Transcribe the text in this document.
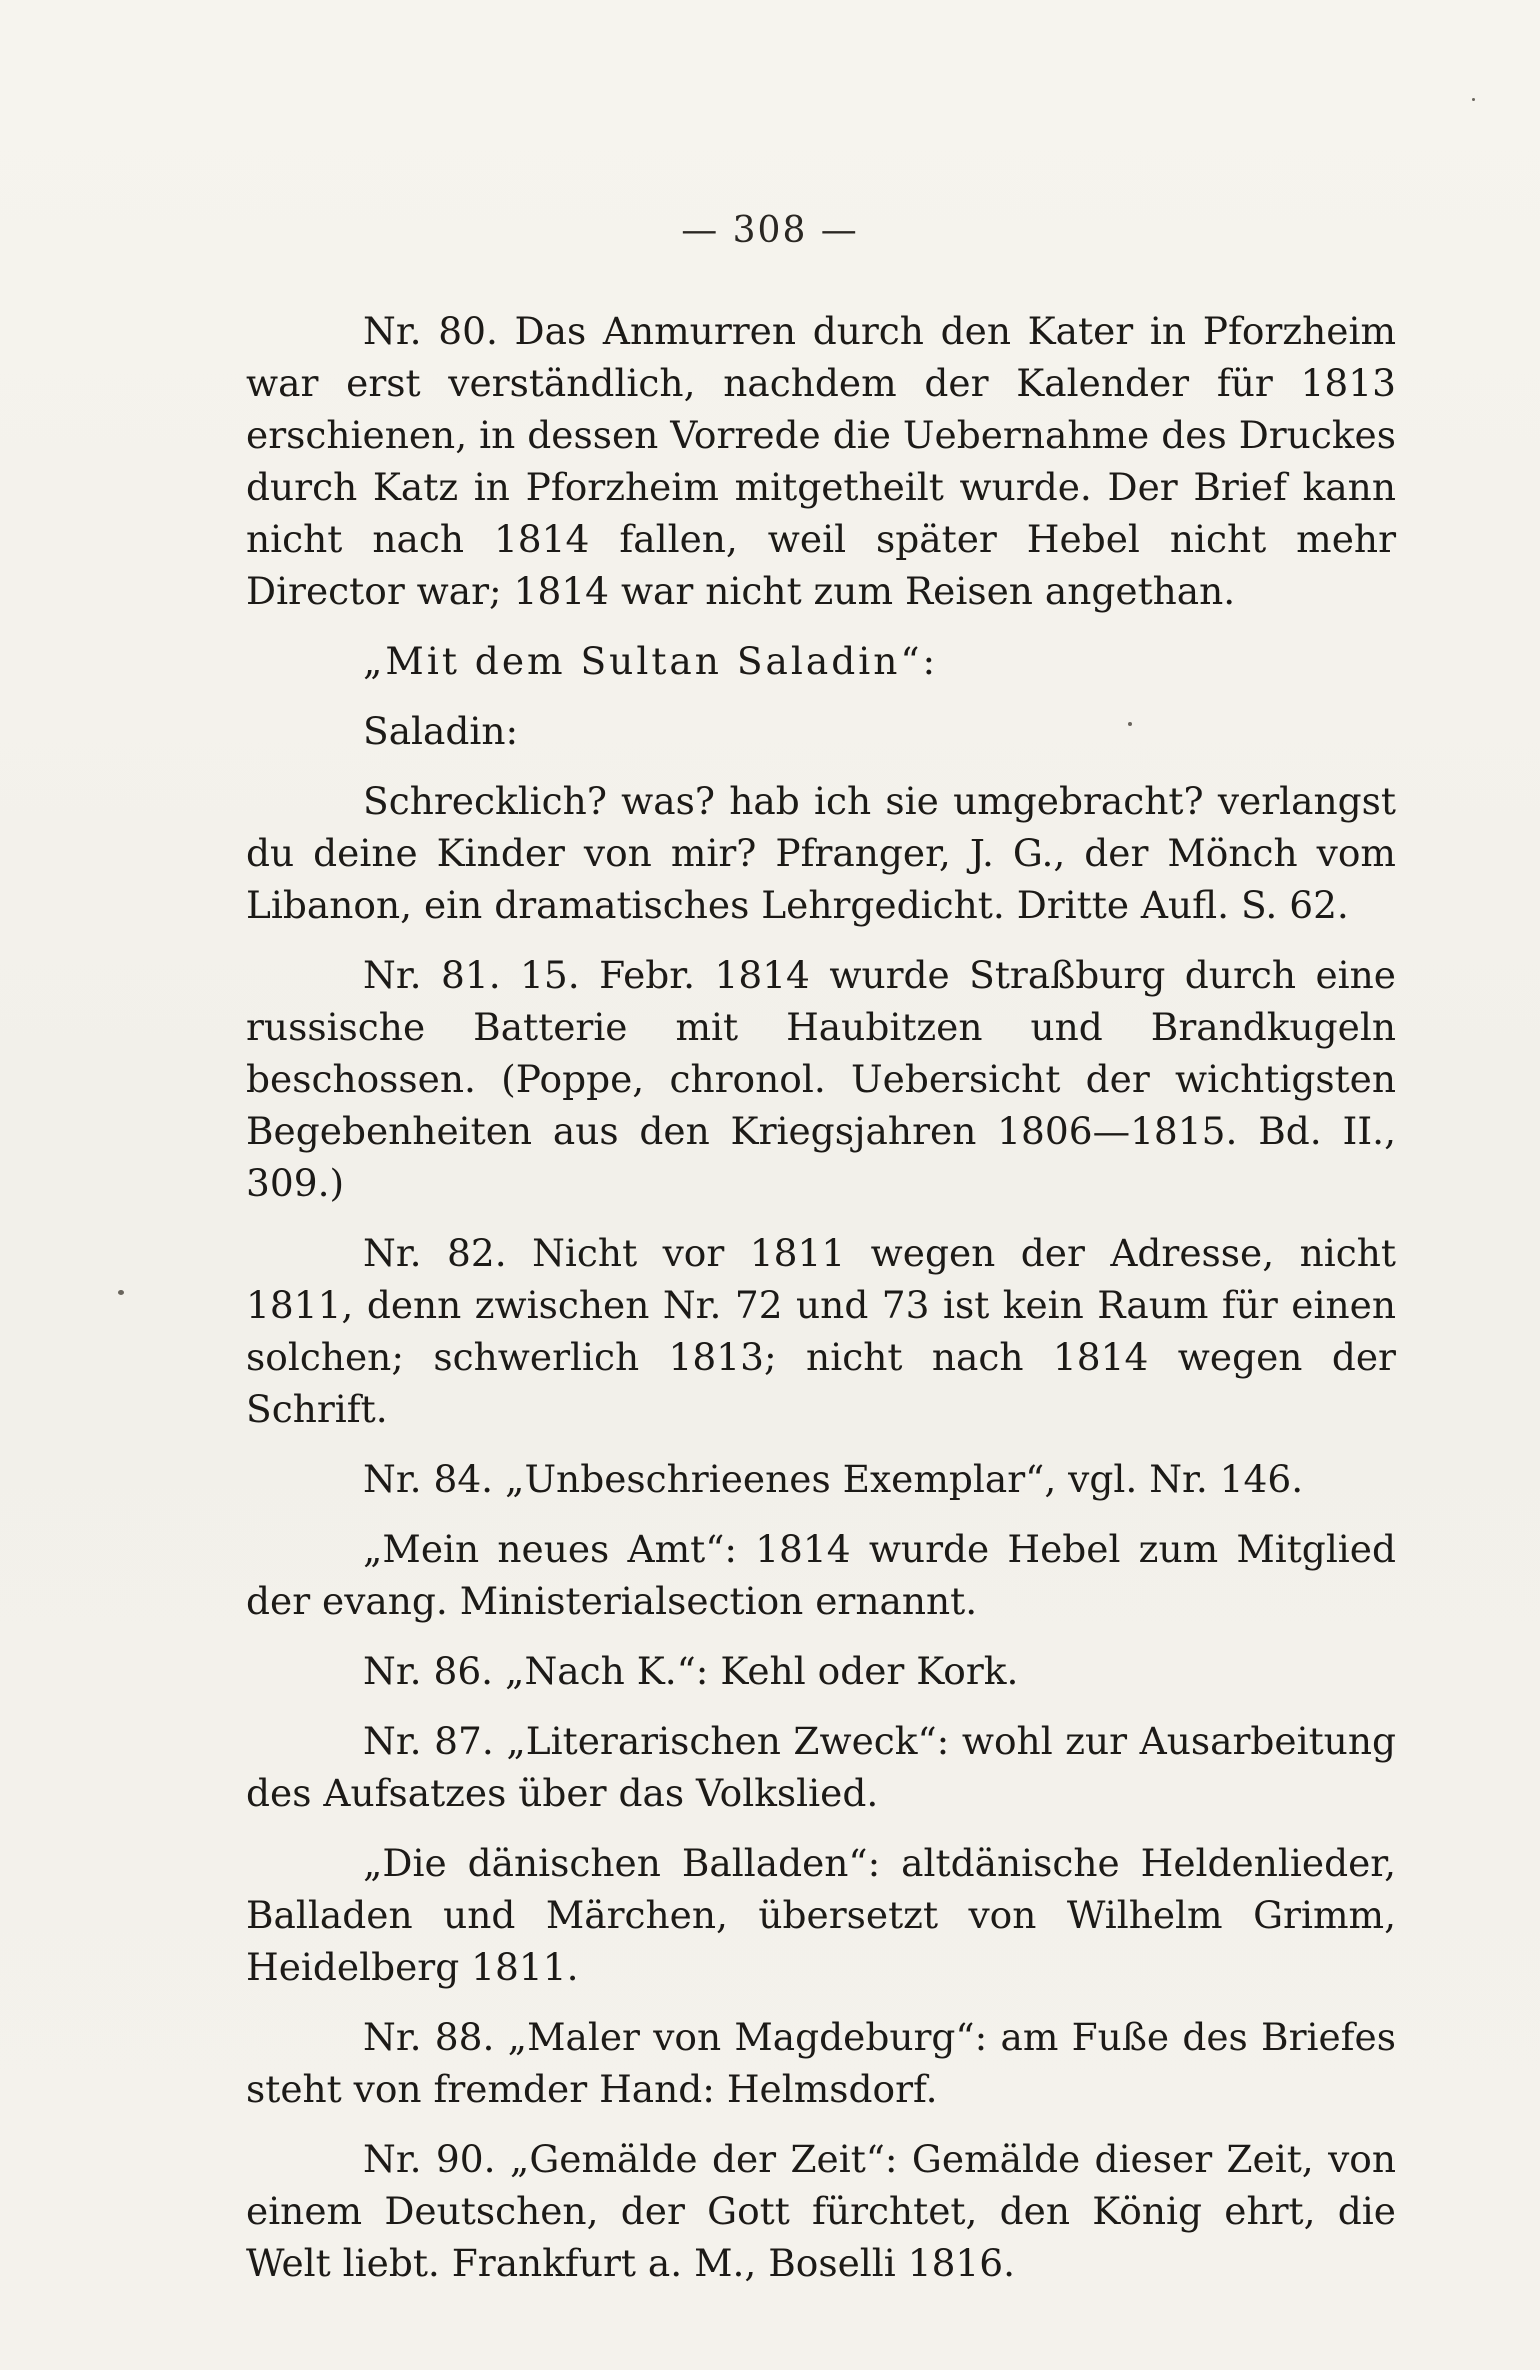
— 308 —

Nr. 80. Das Anmurren durch den Kater in Pforzheim war erst verständlich, nachdem der Kalender für 1813 erschienen, in dessen Vorrede die Uebernahme des Druckes durch Katz in Pforzheim mitgetheilt wurde. Der Brief kann nicht nach 1814 fallen, weil später Hebel nicht mehr Director war; 1814 war nicht zum Reisen angethan.

„Mit dem Sultan Saladin“:

Saladin:

Schrecklich? was? hab ich sie umgebracht? verlangst du deine Kinder von mir? Pfranger, J. G., der Mönch vom Libanon, ein dramatisches Lehrgedicht. Dritte Aufl. S. 62.

Nr. 81. 15. Febr. 1814 wurde Straßburg durch eine russische Batterie mit Haubitzen und Brandkugeln beschossen. (Poppe, chronol. Uebersicht der wichtigsten Begebenheiten aus den Kriegsjahren 1806—1815. Bd. II., 309.)

Nr. 82. Nicht vor 1811 wegen der Adresse, nicht 1811, denn zwischen Nr. 72 und 73 ist kein Raum für einen solchen; schwerlich 1813; nicht nach 1814 wegen der Schrift.

Nr. 84. „Unbeschrieenes Exemplar“, vgl. Nr. 146.

„Mein neues Amt“: 1814 wurde Hebel zum Mitglied der evang. Ministerialsection ernannt.

Nr. 86. „Nach K.“: Kehl oder Kork.

Nr. 87. „Literarischen Zweck“: wohl zur Ausarbeitung des Aufsatzes über das Volkslied.

„Die dänischen Balladen“: altdänische Heldenlieder, Balladen und Märchen, übersetzt von Wilhelm Grimm, Heidelberg 1811.

Nr. 88. „Maler von Magdeburg“: am Fuße des Briefes steht von fremder Hand: Helmsdorf.

Nr. 90. „Gemälde der Zeit“: Gemälde dieser Zeit, von einem Deutschen, der Gott fürchtet, den König ehrt, die Welt liebt. Frankfurt a. M., Boselli 1816.
